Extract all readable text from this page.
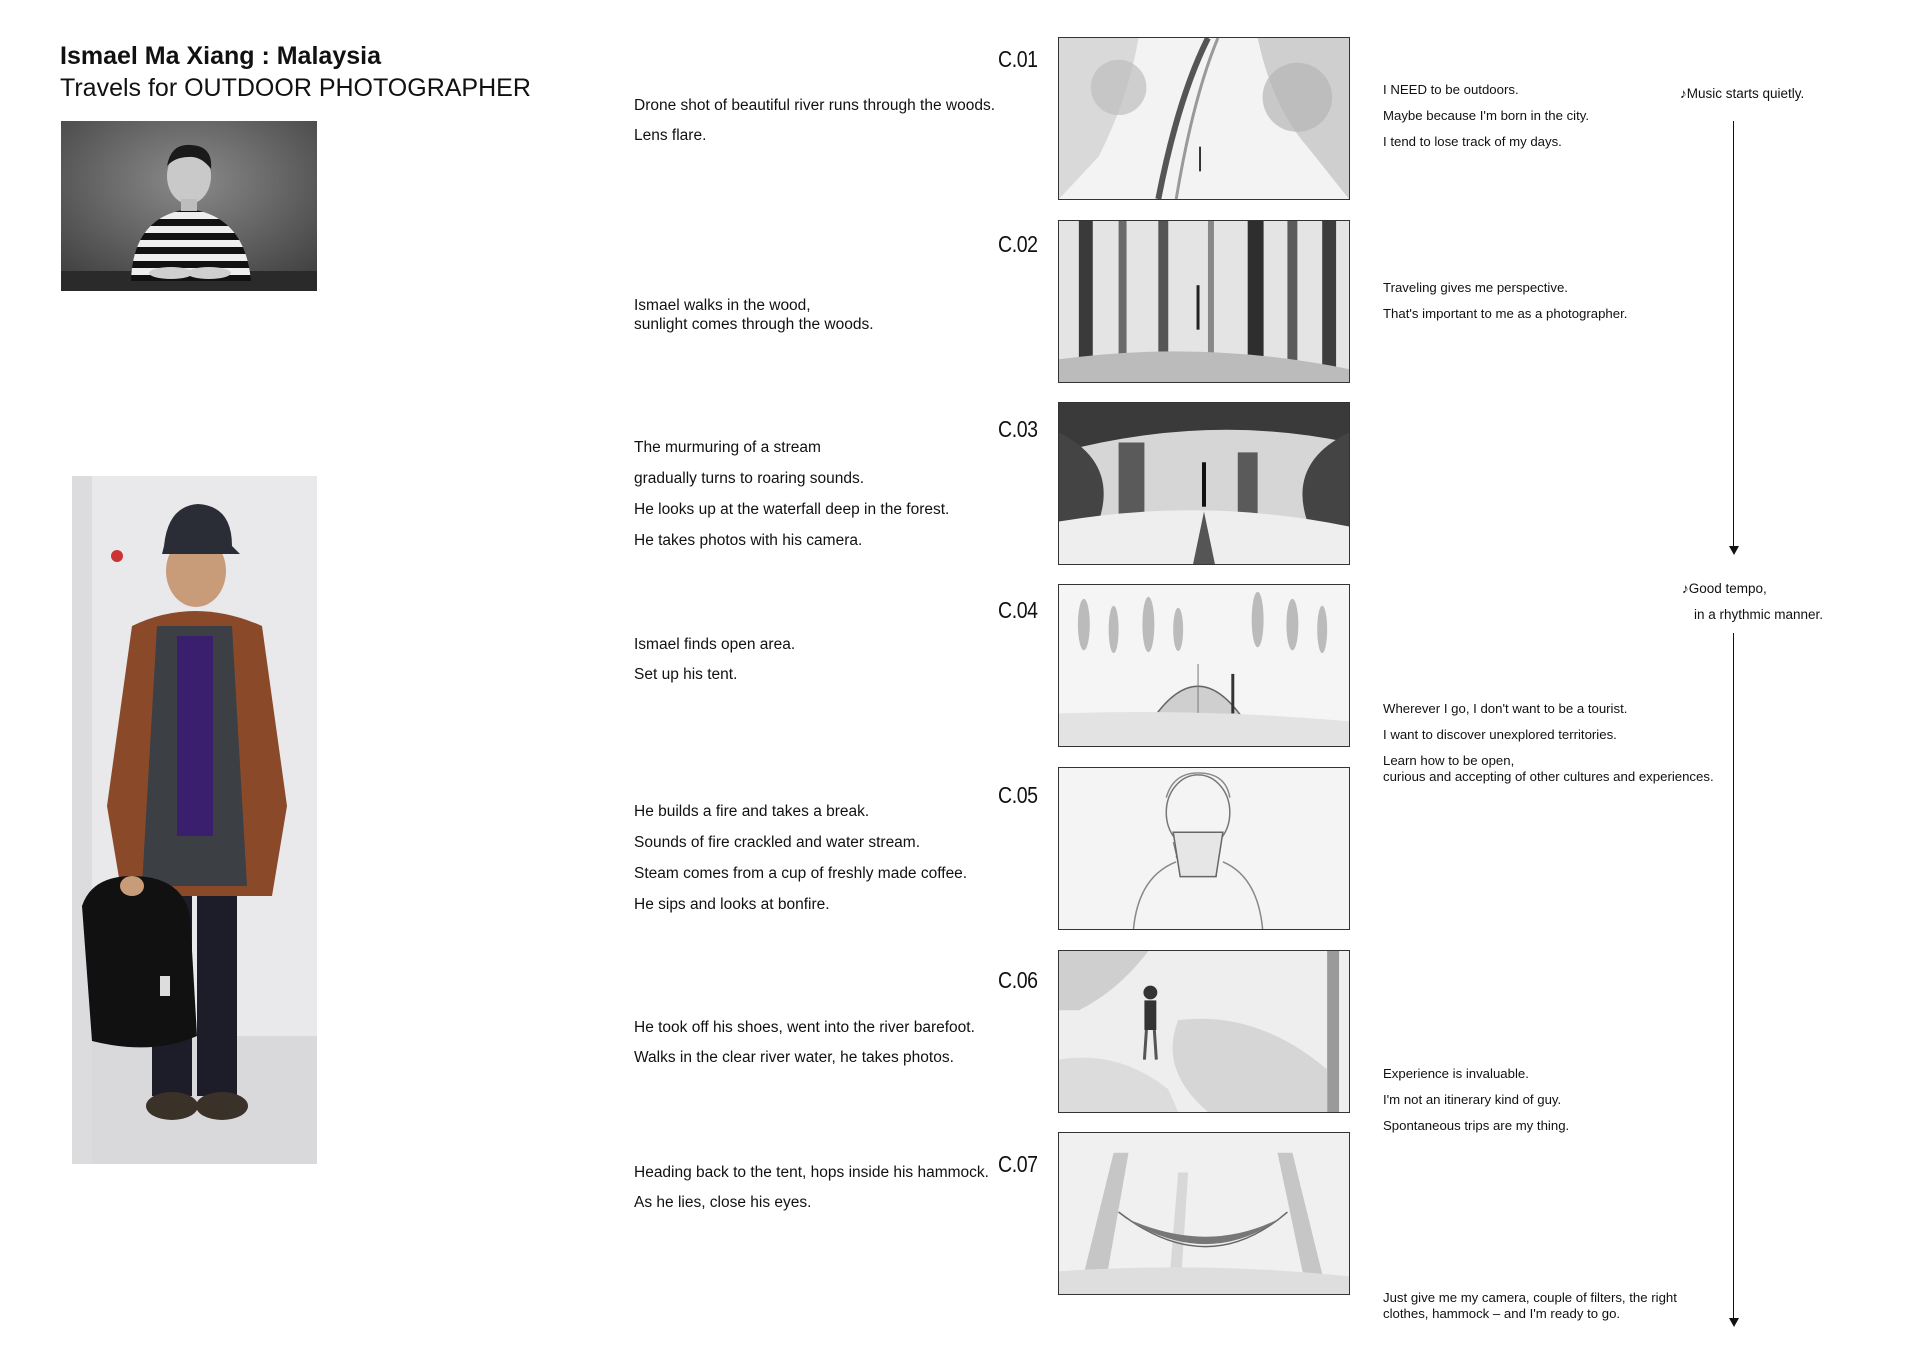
Ismael Ma Xiang : Malaysia
Travels for OUTDOOR PHOTOGRAPHER

Drone shot of beautiful river runs through the woods.

Lens flare.

Ismael walks in the wood,

sunlight comes through the woods.

The murmuring of a stream

gradually turns to roaring sounds.

He looks up at the waterfall deep in the forest.

He takes photos with his camera.

Ismael finds open area.

Set up his tent.

He builds a fire and takes a break.

Sounds of fire crackled and water stream.

Steam comes from a cup of freshly made coffee.

He sips and looks at bonfire.

He took off his shoes, went into the river barefoot.

Walks in the clear river water, he takes photos.

Heading back to the tent, hops inside his hammock.

As he lies, close his eyes.

C.01
C.02
C.03
C.04
C.05
C.06
C.07

I NEED to be outdoors.

Maybe because I'm born in the city.

I tend to lose track of my days.

Traveling gives me perspective.

That's important to me as a photographer.

Wherever I go, I don't want to be a tourist.

I want to discover unexplored territories.

Learn how to be open,

curious and accepting of other cultures and experiences.

Experience is invaluable.

I'm not an itinerary kind of guy.

Spontaneous trips are my thing.

Just give me my camera, couple of filters, the right

clothes, hammock – and I'm ready to go.

♪Music starts quietly.
♪Good tempo,
in a rhythmic manner.
